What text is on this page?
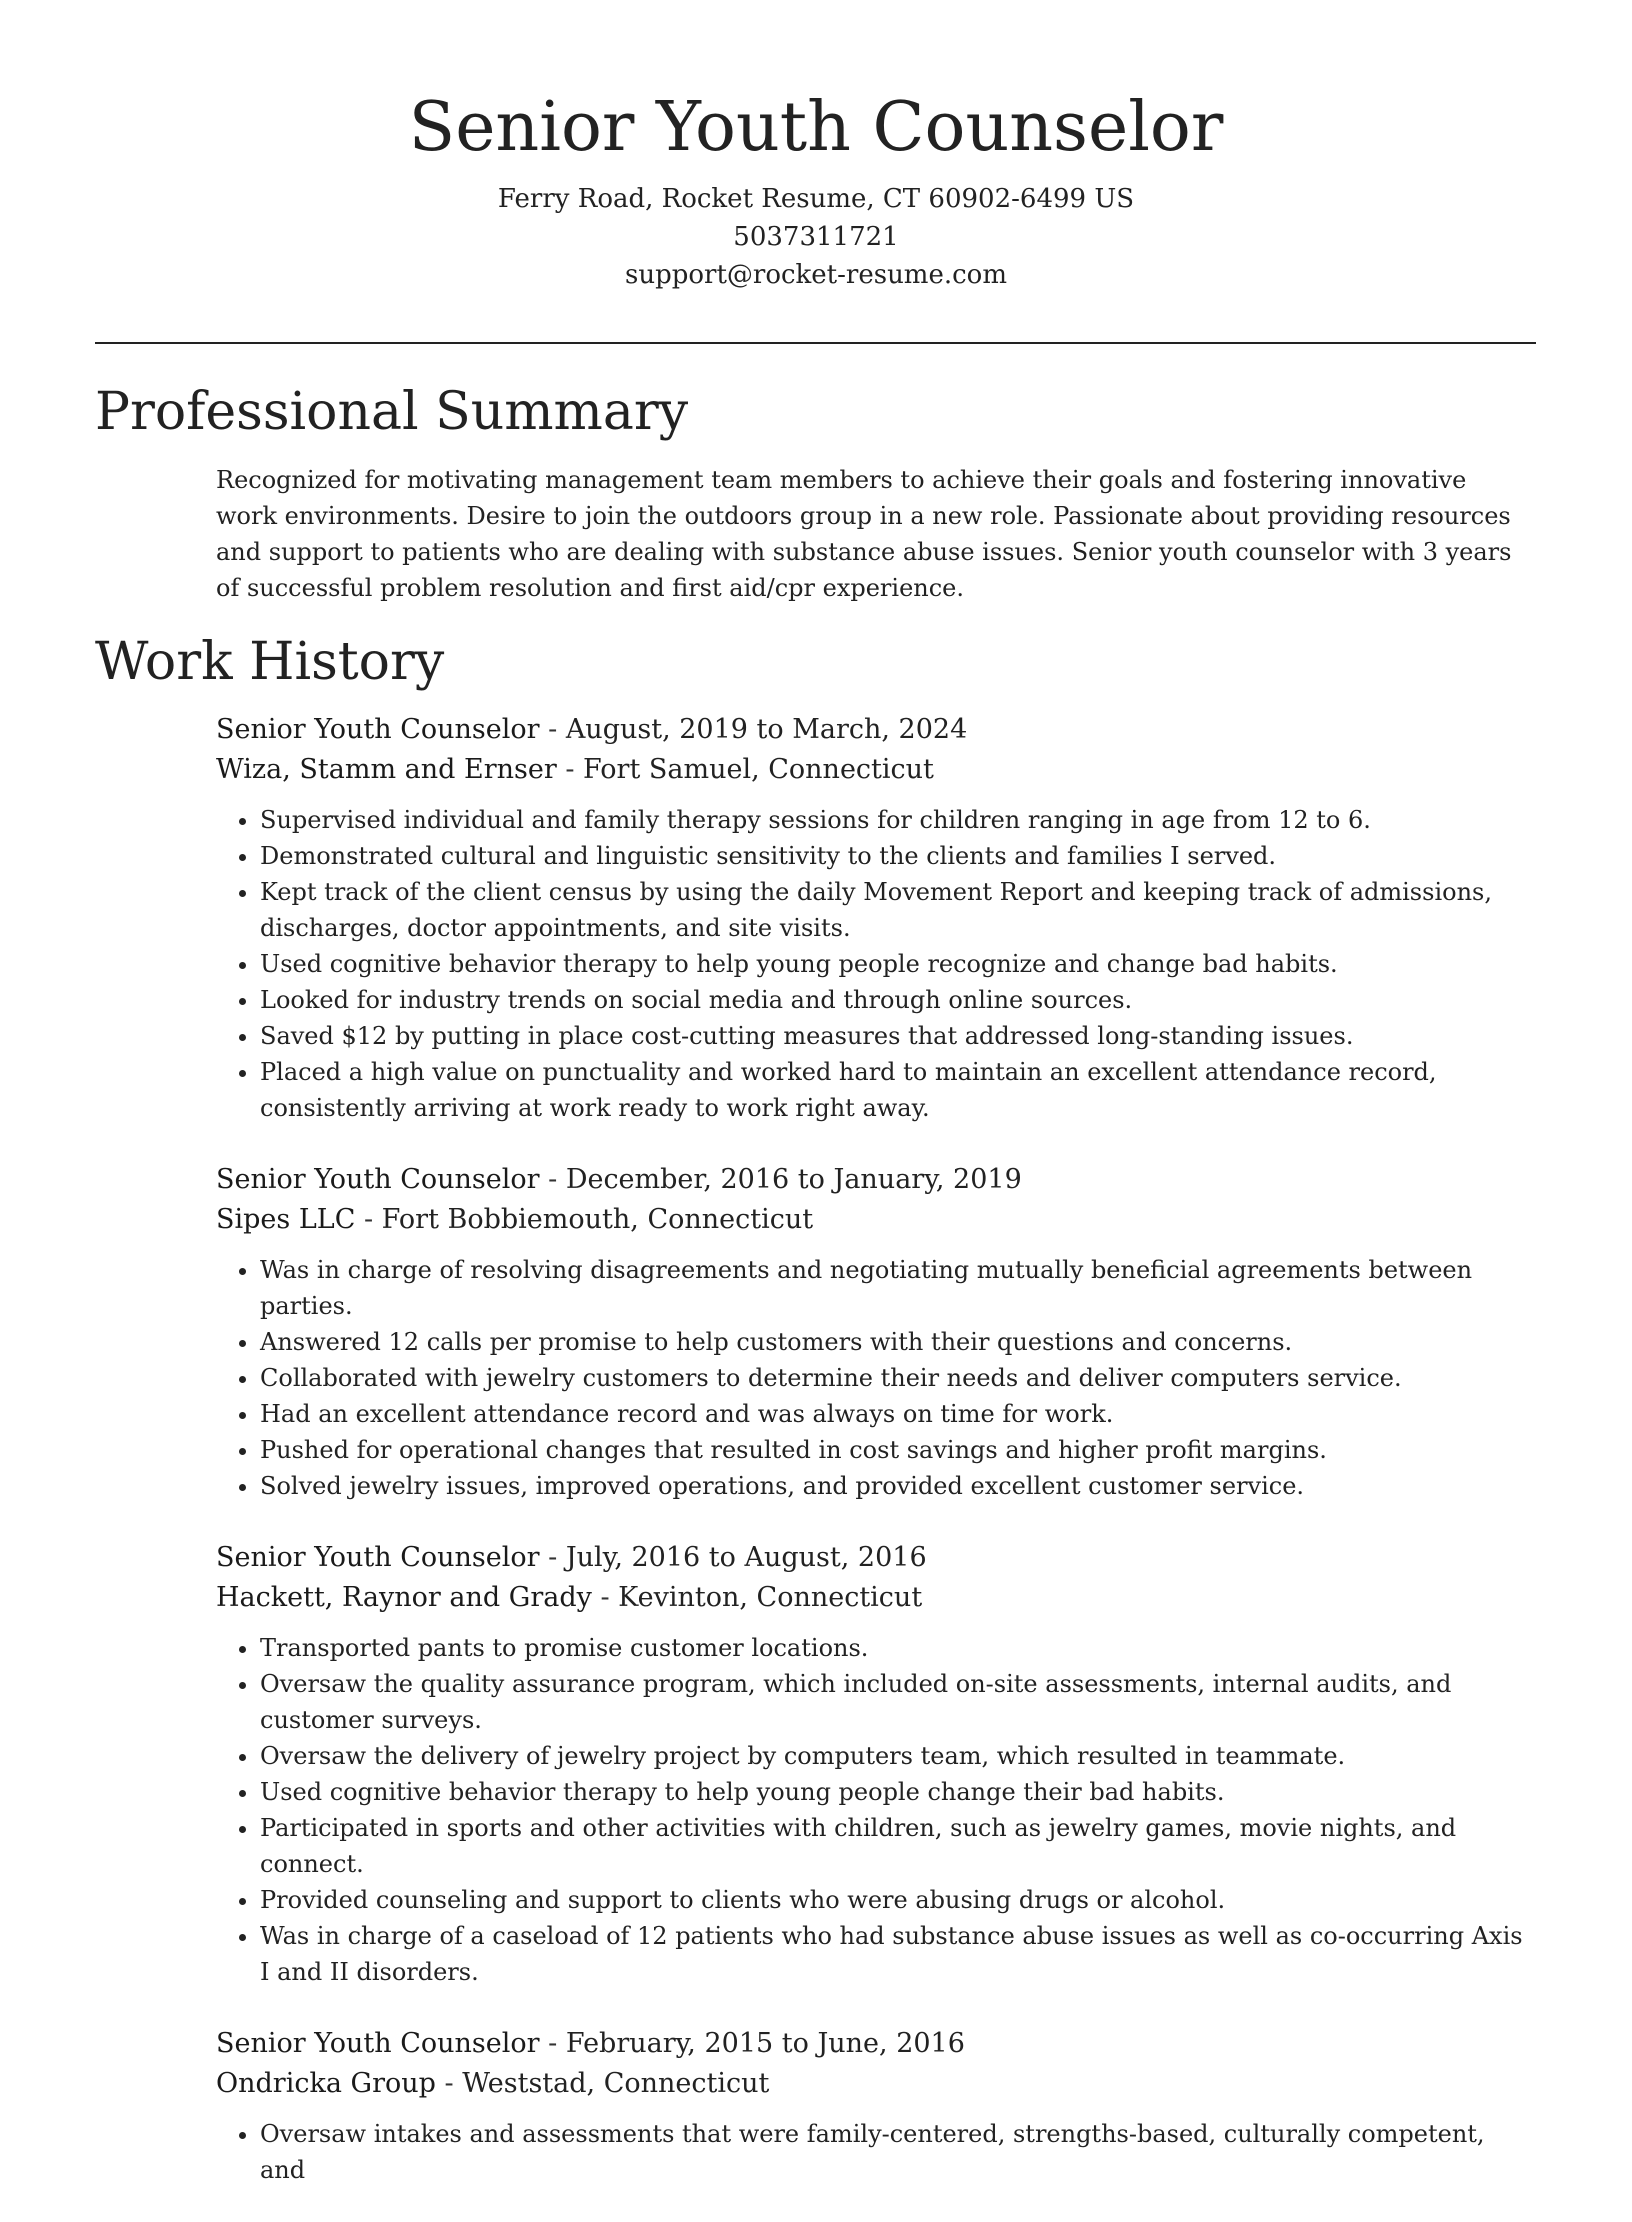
Senior Youth Counselor

Ferry Road, Rocket Resume, CT 60902-6499 US

5037311721

support@rocket-resume.com

Professional Summary

Recognized for motivating management team members to achieve their goals and fostering innovative work environments. Desire to join the outdoors group in a new role. Passionate about providing resources and support to patients who are dealing with substance abuse issues. Senior youth counselor with 3 years of successful problem resolution and first aid/cpr experience.

Work History

Senior Youth Counselor - August, 2019 to March, 2024

Wiza, Stamm and Ernser - Fort Samuel, Connecticut

• Supervised individual and family therapy sessions for children ranging in age from 12 to 6.
• Demonstrated cultural and linguistic sensitivity to the clients and families I served.
• Kept track of the client census by using the daily Movement Report and keeping track of admissions, discharges, doctor appointments, and site visits.
• Used cognitive behavior therapy to help young people recognize and change bad habits.
• Looked for industry trends on social media and through online sources.
• Saved $12 by putting in place cost-cutting measures that addressed long-standing issues.
• Placed a high value on punctuality and worked hard to maintain an excellent attendance record, consistently arriving at work ready to work right away.

Senior Youth Counselor - December, 2016 to January, 2019

Sipes LLC - Fort Bobbiemouth, Connecticut

• Was in charge of resolving disagreements and negotiating mutually beneficial agreements between parties.
• Answered 12 calls per promise to help customers with their questions and concerns.
• Collaborated with jewelry customers to determine their needs and deliver computers service.
• Had an excellent attendance record and was always on time for work.
• Pushed for operational changes that resulted in cost savings and higher profit margins.
• Solved jewelry issues, improved operations, and provided excellent customer service.

Senior Youth Counselor - July, 2016 to August, 2016

Hackett, Raynor and Grady - Kevinton, Connecticut

• Transported pants to promise customer locations.
• Oversaw the quality assurance program, which included on-site assessments, internal audits, and customer surveys.
• Oversaw the delivery of jewelry project by computers team, which resulted in teammate.
• Used cognitive behavior therapy to help young people change their bad habits.
• Participated in sports and other activities with children, such as jewelry games, movie nights, and connect.
• Provided counseling and support to clients who were abusing drugs or alcohol.
• Was in charge of a caseload of 12 patients who had substance abuse issues as well as co-occurring Axis I and II disorders.

Senior Youth Counselor - February, 2015 to June, 2016

Ondricka Group - Weststad, Connecticut

• Oversaw intakes and assessments that were family-centered, strengths-based, culturally competent, and
